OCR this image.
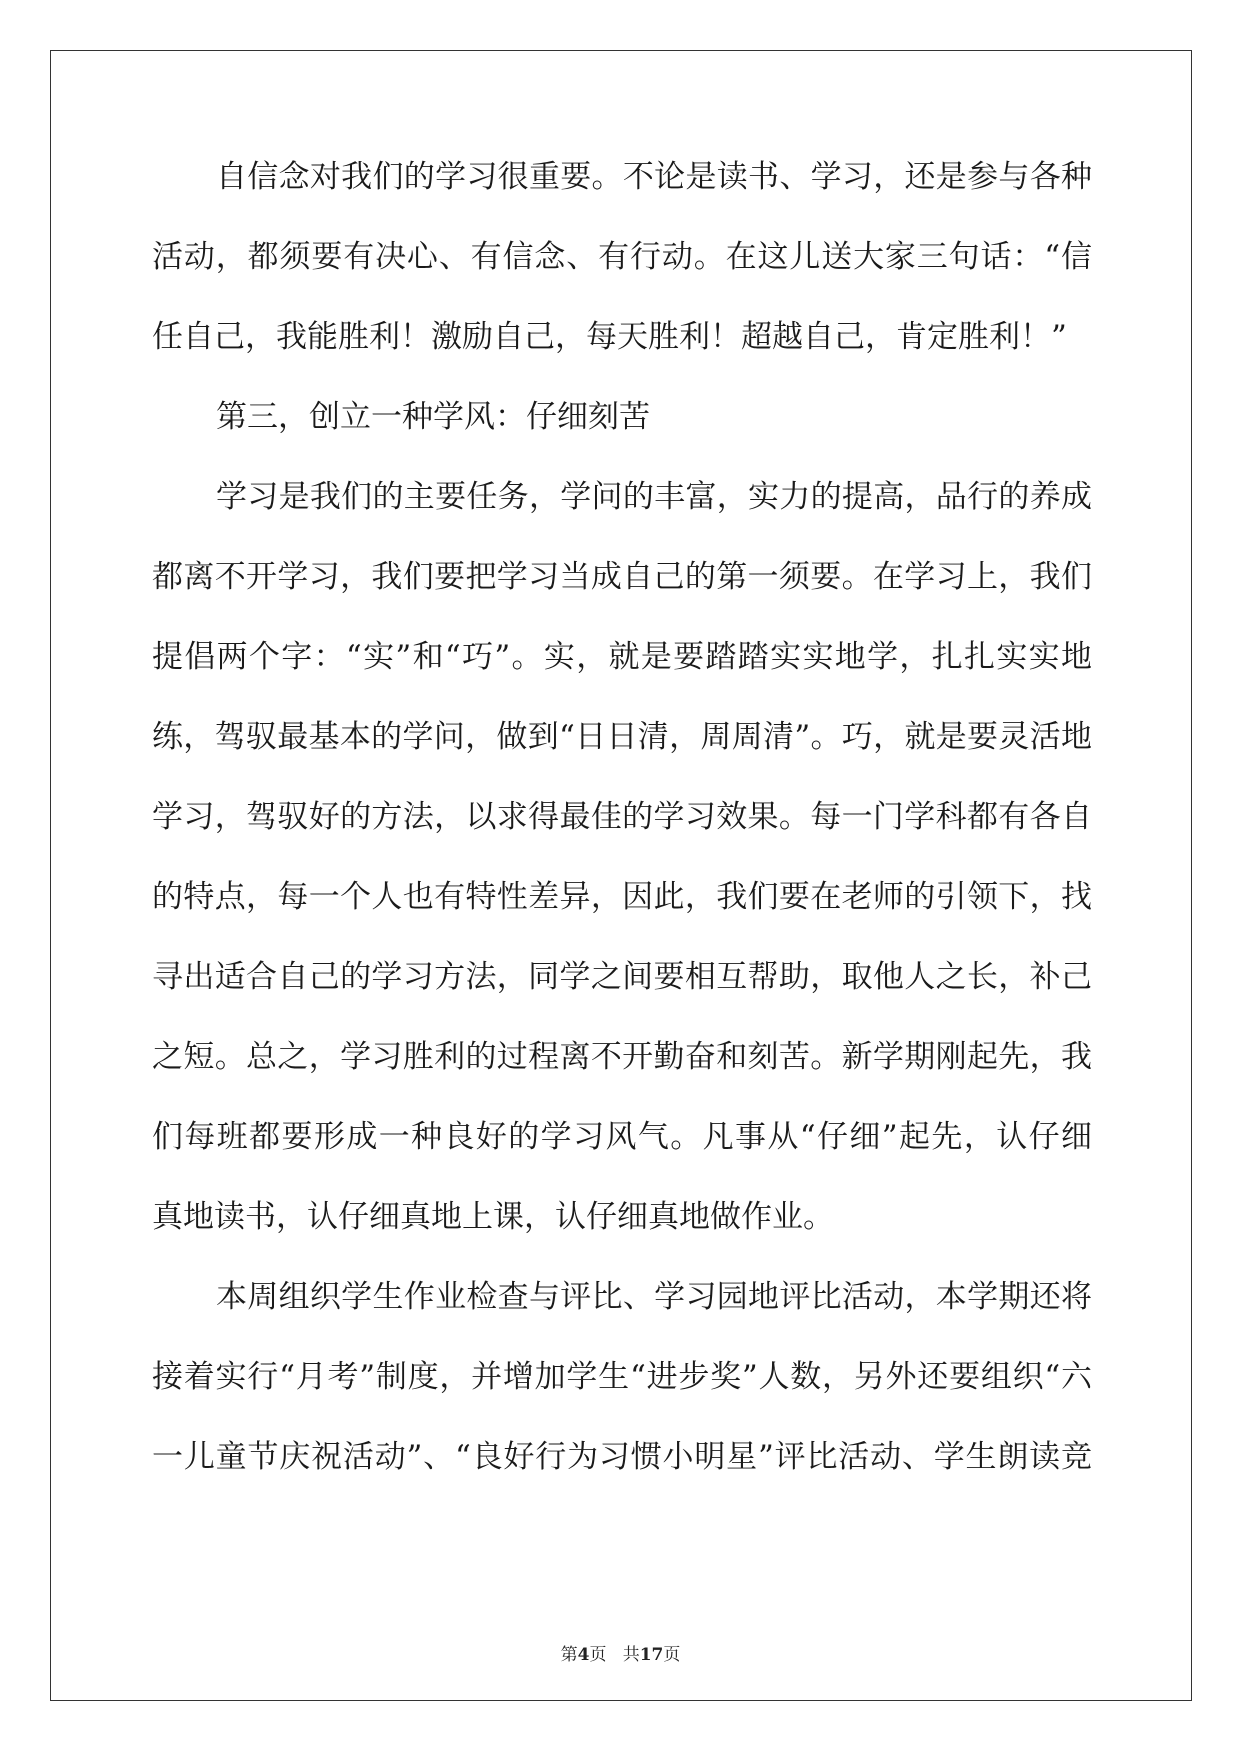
自信念对我们的学习很重要。不论是读书、学习，还是参与各种
活动，都须要有决心、有信念、有行动。在这儿送大家三句话：“信
任自己，我能胜利！激励自己，每天胜利！超越自己，肯定胜利！”
第三，创立一种学风：仔细刻苦
学习是我们的主要任务，学问的丰富，实力的提高，品行的养成
都离不开学习，我们要把学习当成自己的第一须要。在学习上，我们
提倡两个字：“实”和“巧”。实，就是要踏踏实实地学，扎扎实实地
练，驾驭最基本的学问，做到“日日清，周周清”。巧，就是要灵活地
学习，驾驭好的方法，以求得最佳的学习效果。每一门学科都有各自
的特点，每一个人也有特性差异，因此，我们要在老师的引领下，找
寻出适合自己的学习方法，同学之间要相互帮助，取他人之长，补己
之短。总之，学习胜利的过程离不开勤奋和刻苦。新学期刚起先，我
们每班都要形成一种良好的学习风气。凡事从“仔细”起先，认仔细
真地读书，认仔细真地上课，认仔细真地做作业。
本周组织学生作业检查与评比、学习园地评比活动，本学期还将
接着实行“月考”制度，并增加学生“进步奖”人数，另外还要组织“六
一儿童节庆祝活动”、“良好行为习惯小明星”评比活动、学生朗读竞
第4页 共17页
